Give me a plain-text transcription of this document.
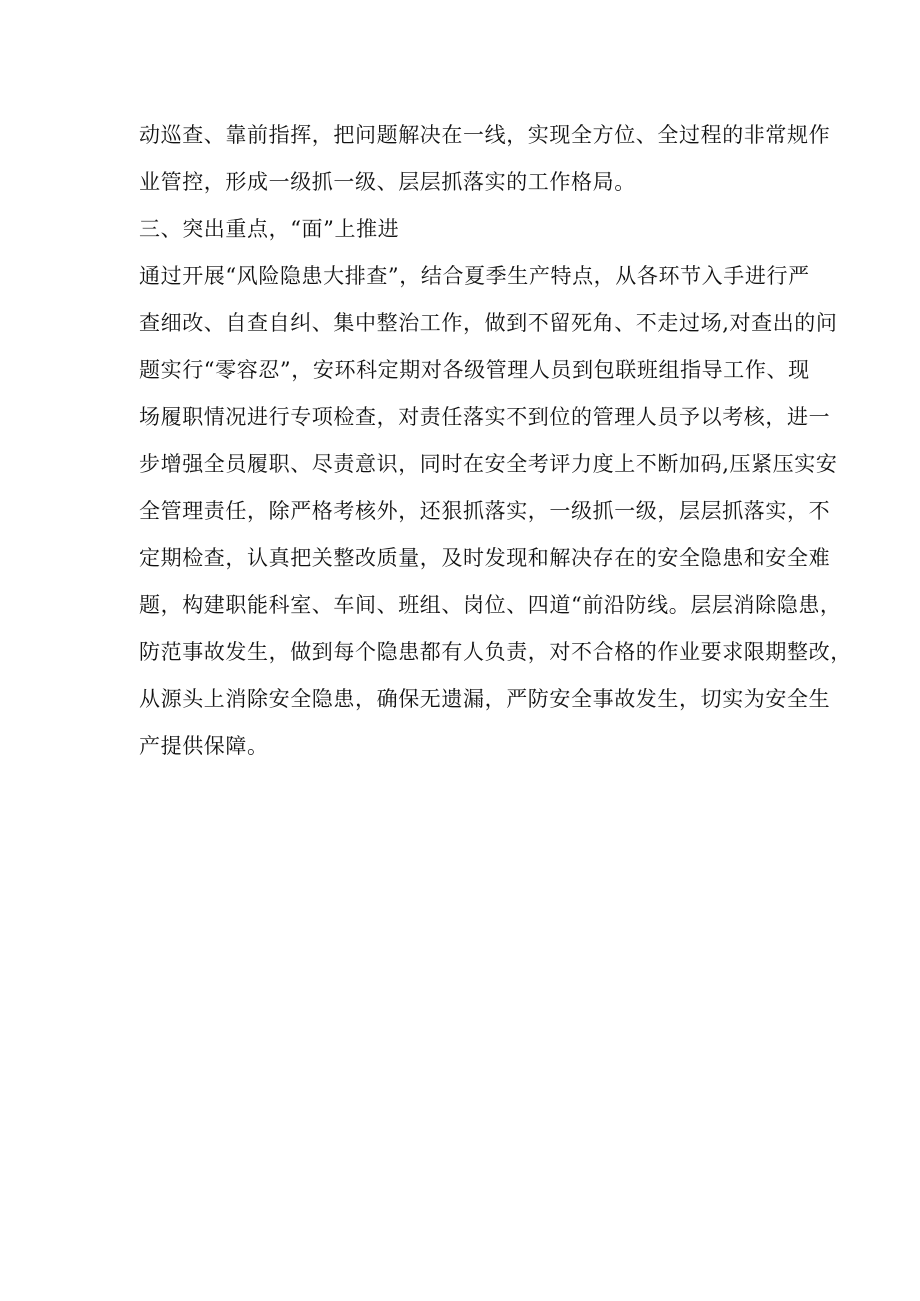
动巡查、靠前指挥，把问题解决在一线，实现全方位、全过程的非常规作
业管控，形成一级抓一级、层层抓落实的工作格局。
三、突出重点，“面”上推进
通过开展“风险隐患大排查”，结合夏季生产特点，从各环节入手进行严
查细改、自查自纠、集中整治工作，做到不留死角、不走过场,对查出的问
题实行“零容忍”，安环科定期对各级管理人员到包联班组指导工作、现
场履职情况进行专项检查，对责任落实不到位的管理人员予以考核，进一
步增强全员履职、尽责意识，同时在安全考评力度上不断加码,压紧压实安
全管理责任，除严格考核外，还狠抓落实，一级抓一级，层层抓落实，不
定期检查，认真把关整改质量，及时发现和解决存在的安全隐患和安全难
题，构建职能科室、车间、班组、岗位、四道“前沿防线。层层消除隐患，
防范事故发生，做到每个隐患都有人负责，对不合格的作业要求限期整改，
从源头上消除安全隐患，确保无遗漏，严防安全事故发生，切实为安全生
产提供保障。
